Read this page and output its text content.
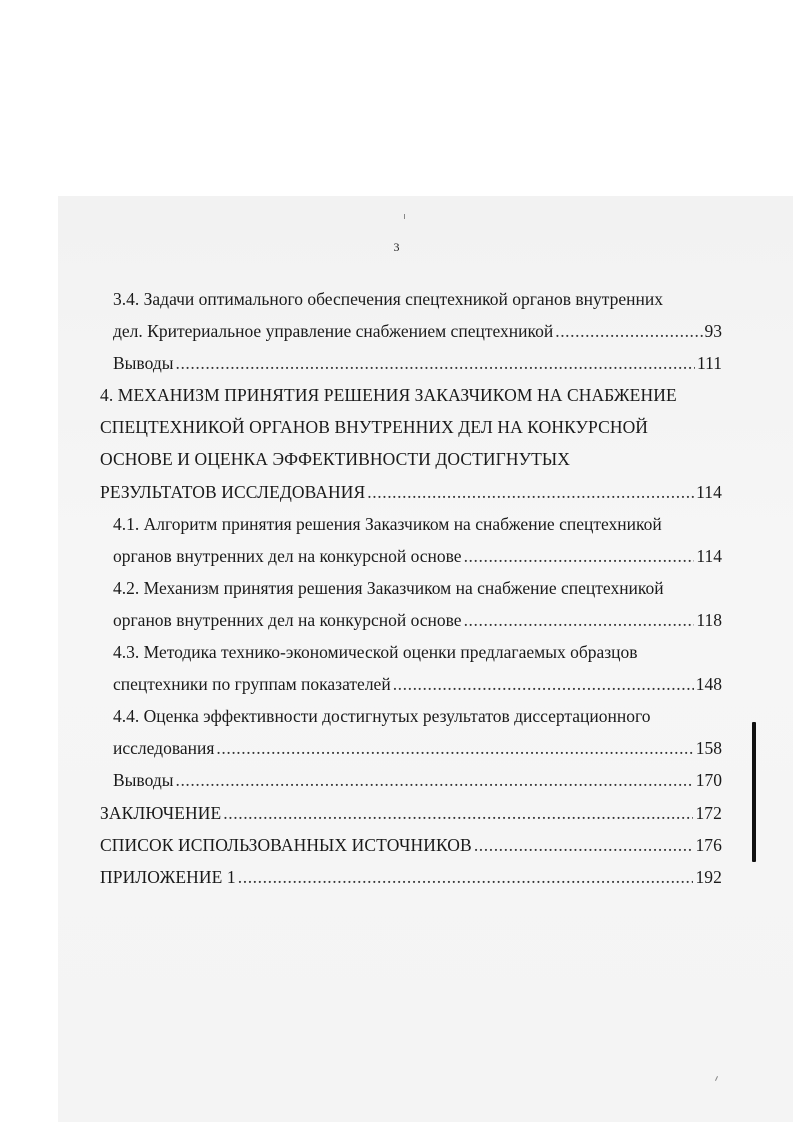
3
3.4. Задачи оптимального обеспечения спецтехникой органов внутренних
дел. Критериальное управление снабжением спецтехникой .....	93
Выводы .....	111
4. МЕХАНИЗМ ПРИНЯТИЯ РЕШЕНИЯ ЗАКАЗЧИКОМ НА СНАБЖЕНИЕ
СПЕЦТЕХНИКОЙ ОРГАНОВ ВНУТРЕННИХ ДЕЛ НА КОНКУРСНОЙ
ОСНОВЕ И ОЦЕНКА ЭФФЕКТИВНОСТИ ДОСТИГНУТЫХ
РЕЗУЛЬТАТОВ ИССЛЕДОВАНИЯ .....	114
4.1. Алгоритм принятия решения Заказчиком на снабжение спецтехникой
органов внутренних дел на конкурсной основе .....	114
4.2. Механизм принятия решения Заказчиком на снабжение спецтехникой
органов внутренних дел на конкурсной основе .....	118
4.3. Методика технико-экономической оценки предлагаемых образцов
спецтехники по группам показателей .....	148
4.4. Оценка эффективности достигнутых результатов диссертационного
исследования .....	158
Выводы .....	170
ЗАКЛЮЧЕНИЕ .....	172
СПИСОК ИСПОЛЬЗОВАННЫХ ИСТОЧНИКОВ .....	176
ПРИЛОЖЕНИЕ 1 .....	192
